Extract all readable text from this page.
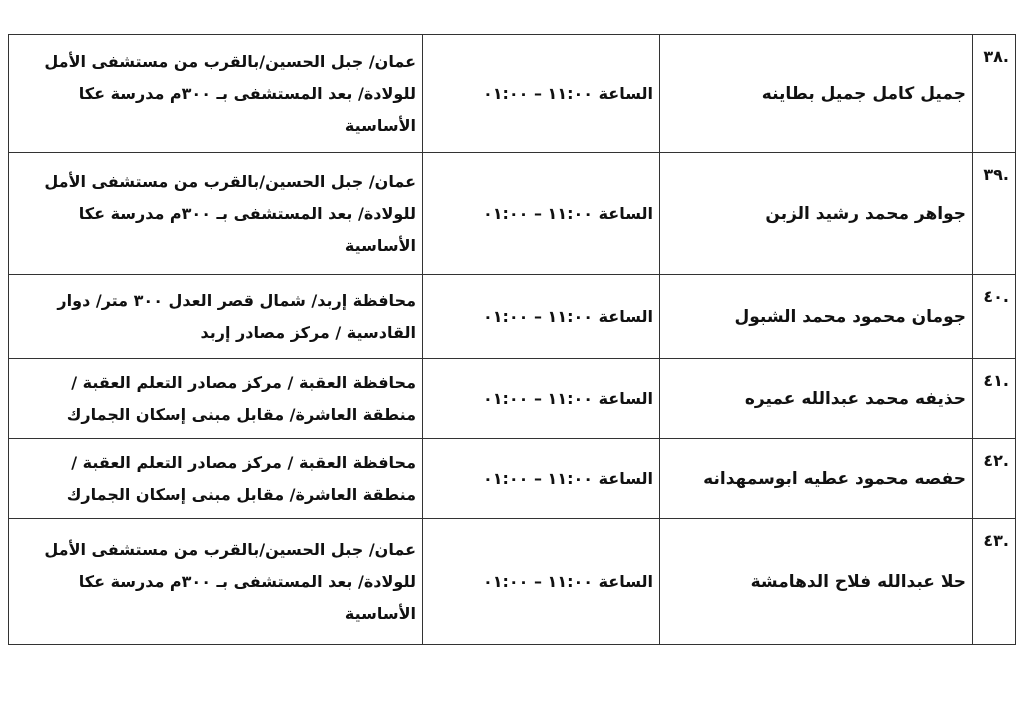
.٣٨	جميل كامل جميل بطاينه	الساعة ١١:٠٠ – ٠١:٠٠	عمان/ جبل الحسين/بالقرب من مستشفى الأمل
للولادة/ بعد المستشفى بـ ٣٠٠م مدرسة عكا
الأساسية

.٣٩	جواهر محمد رشيد الزبن	الساعة ١١:٠٠ – ٠١:٠٠	عمان/ جبل الحسين/بالقرب من مستشفى الأمل
للولادة/ بعد المستشفى بـ ٣٠٠م مدرسة عكا
الأساسية

.٤٠	جومان محمود محمد الشبول	الساعة ١١:٠٠ – ٠١:٠٠	محافظة إربد/ شمال قصر العدل ٣٠٠ متر/ دوار
القادسية / مركز مصادر إربد

.٤١	حذيفه محمد عبدالله عميره	الساعة ١١:٠٠ – ٠١:٠٠	محافظة العقبة / مركز مصادر التعلم العقبة /
منطقة العاشرة/ مقابل مبنى إسكان الجمارك

.٤٢	حفصه محمود عطيه ابوسمهدانه	الساعة ١١:٠٠ – ٠١:٠٠	محافظة العقبة / مركز مصادر التعلم العقبة /
منطقة العاشرة/ مقابل مبنى إسكان الجمارك

.٤٣	حلا عبدالله فلاح الدهامشة	الساعة ١١:٠٠ – ٠١:٠٠	عمان/ جبل الحسين/بالقرب من مستشفى الأمل
للولادة/ بعد المستشفى بـ ٣٠٠م مدرسة عكا
الأساسية
